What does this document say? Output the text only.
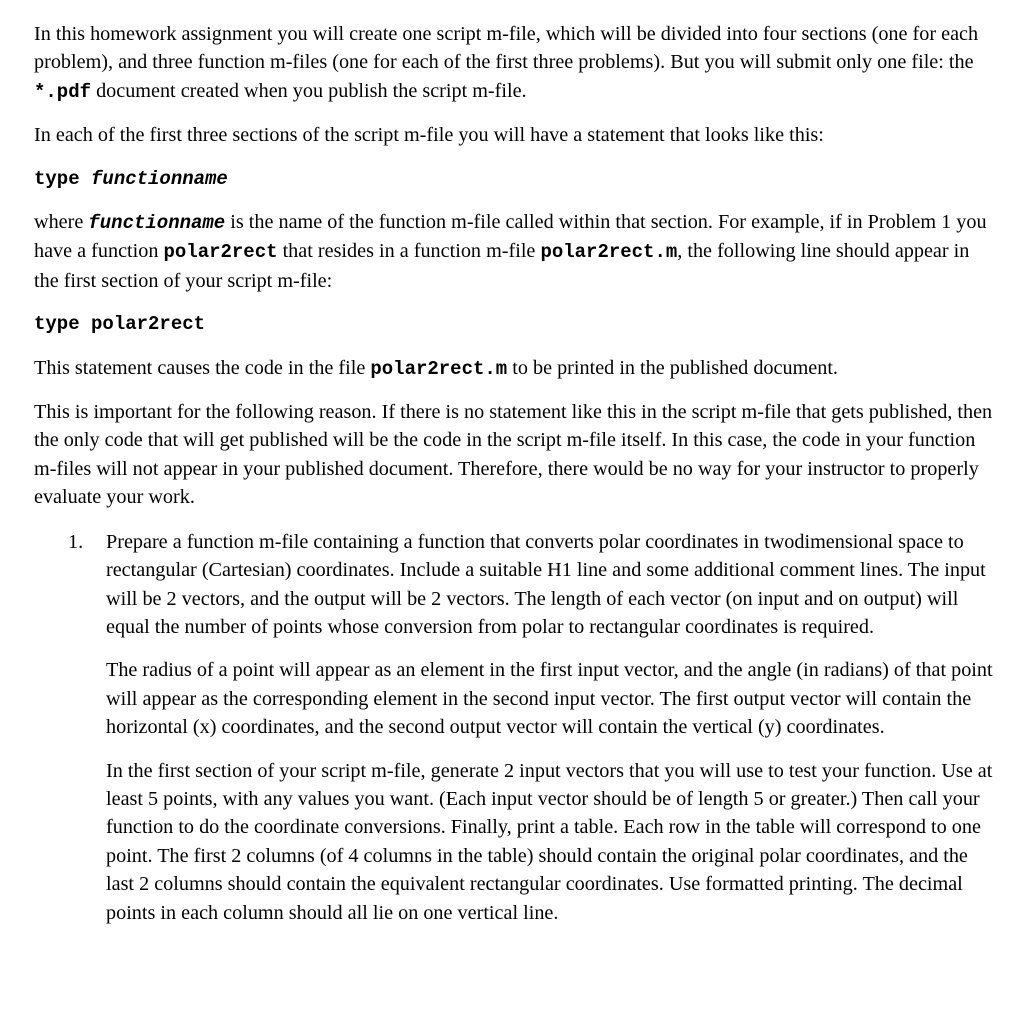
In this homework assignment you will create one script m-file, which will be divided into four sections (one for each problem), and three function m-files (one for each of the first three problems). But you will submit only one file: the *.pdf document created when you publish the script m-file.

In each of the first three sections of the script m-file you will have a statement that looks like this:

type functionname

where functionname is the name of the function m-file called within that section. For example, if in Problem 1 you have a function polar2rect that resides in a function m-file polar2rect.m, the following line should appear in the first section of your script m-file:

type polar2rect

This statement causes the code in the file polar2rect.m to be printed in the published document.

This is important for the following reason. If there is no statement like this in the script m-file that gets published, then the only code that will get published will be the code in the script m-file itself. In this case, the code in your function m-files will not appear in your published document. Therefore, there would be no way for your instructor to properly evaluate your work.

1. Prepare a function m-file containing a function that converts polar coordinates in twodimensional space to rectangular (Cartesian) coordinates. Include a suitable H1 line and some additional comment lines. The input will be 2 vectors, and the output will be 2 vectors. The length of each vector (on input and on output) will equal the number of points whose conversion from polar to rectangular coordinates is required.

The radius of a point will appear as an element in the first input vector, and the angle (in radians) of that point will appear as the corresponding element in the second input vector. The first output vector will contain the horizontal (x) coordinates, and the second output vector will contain the vertical (y) coordinates.

In the first section of your script m-file, generate 2 input vectors that you will use to test your function. Use at least 5 points, with any values you want. (Each input vector should be of length 5 or greater.) Then call your function to do the coordinate conversions. Finally, print a table. Each row in the table will correspond to one point. The first 2 columns (of 4 columns in the table) should contain the original polar coordinates, and the last 2 columns should contain the equivalent rectangular coordinates. Use formatted printing. The decimal points in each column should all lie on one vertical line.
